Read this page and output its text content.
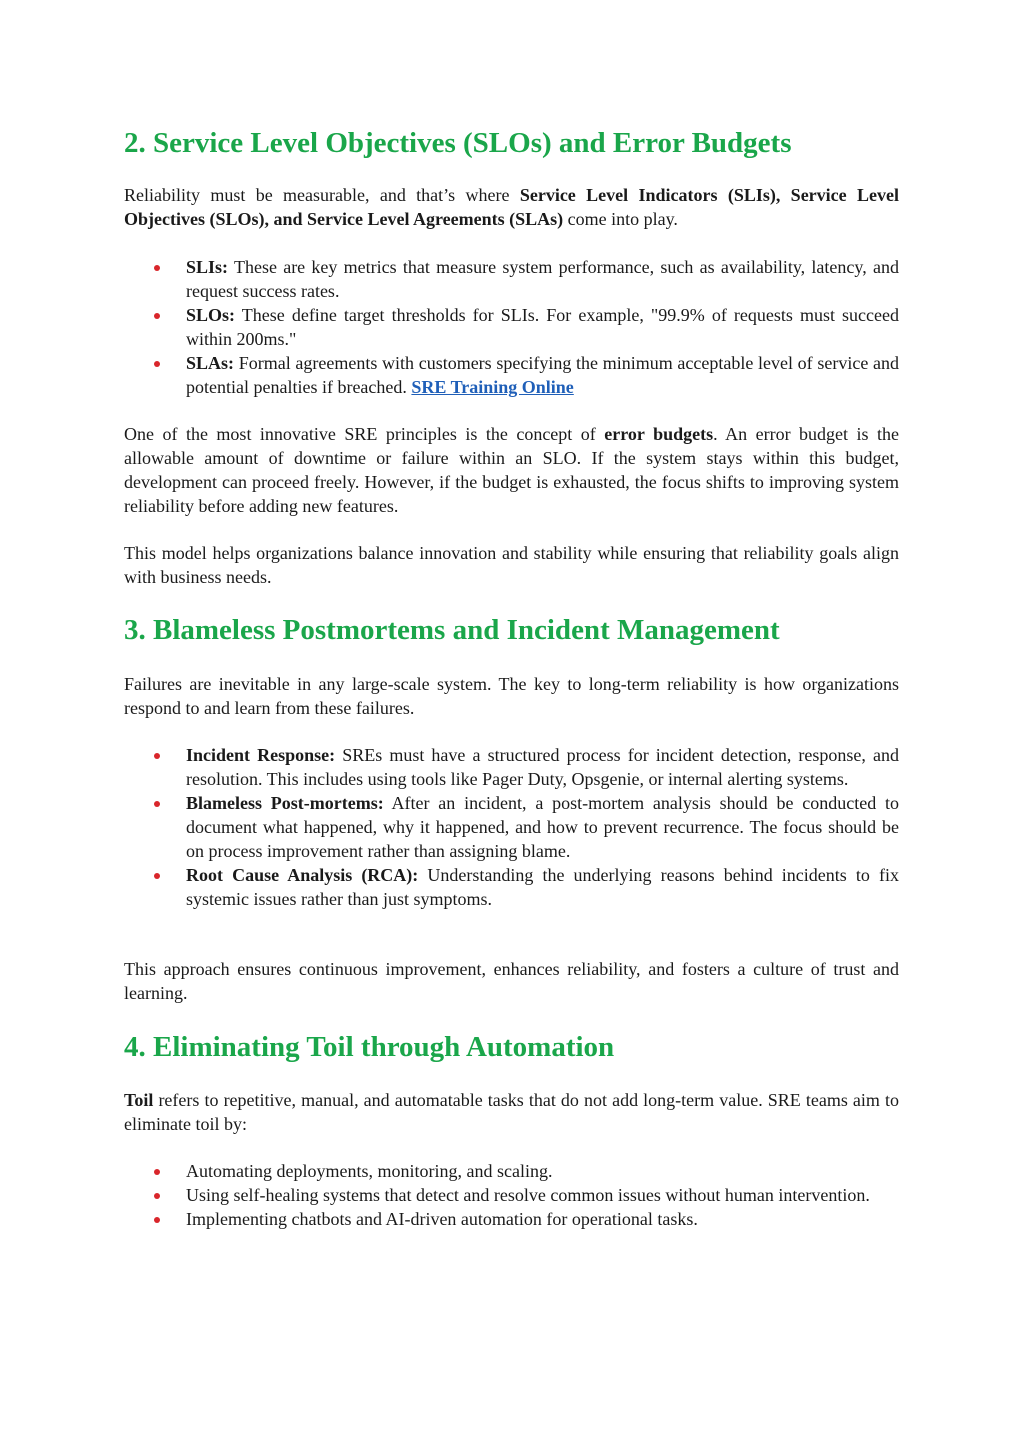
2. Service Level Objectives (SLOs) and Error Budgets

Reliability must be measurable, and that’s where Service Level Indicators (SLIs), Service Level Objectives (SLOs), and Service Level Agreements (SLAs) come into play.

SLIs: These are key metrics that measure system performance, such as availability, latency, and request success rates.
SLOs: These define target thresholds for SLIs. For example, "99.9% of requests must succeed within 200ms."
SLAs: Formal agreements with customers specifying the minimum acceptable level of service and potential penalties if breached. SRE Training Online

One of the most innovative SRE principles is the concept of error budgets. An error budget is the allowable amount of downtime or failure within an SLO. If the system stays within this budget, development can proceed freely. However, if the budget is exhausted, the focus shifts to improving system reliability before adding new features.

This model helps organizations balance innovation and stability while ensuring that reliability goals align with business needs.

3. Blameless Postmortems and Incident Management

Failures are inevitable in any large-scale system. The key to long-term reliability is how organizations respond to and learn from these failures.

Incident Response: SREs must have a structured process for incident detection, response, and resolution. This includes using tools like Pager Duty, Opsgenie, or internal alerting systems.
Blameless Post-mortems: After an incident, a post-mortem analysis should be conducted to document what happened, why it happened, and how to prevent recurrence. The focus should be on process improvement rather than assigning blame.
Root Cause Analysis (RCA): Understanding the underlying reasons behind incidents to fix systemic issues rather than just symptoms.

This approach ensures continuous improvement, enhances reliability, and fosters a culture of trust and learning.

4. Eliminating Toil through Automation

Toil refers to repetitive, manual, and automatable tasks that do not add long-term value. SRE teams aim to eliminate toil by:

Automating deployments, monitoring, and scaling.
Using self-healing systems that detect and resolve common issues without human intervention.
Implementing chatbots and AI-driven automation for operational tasks.
